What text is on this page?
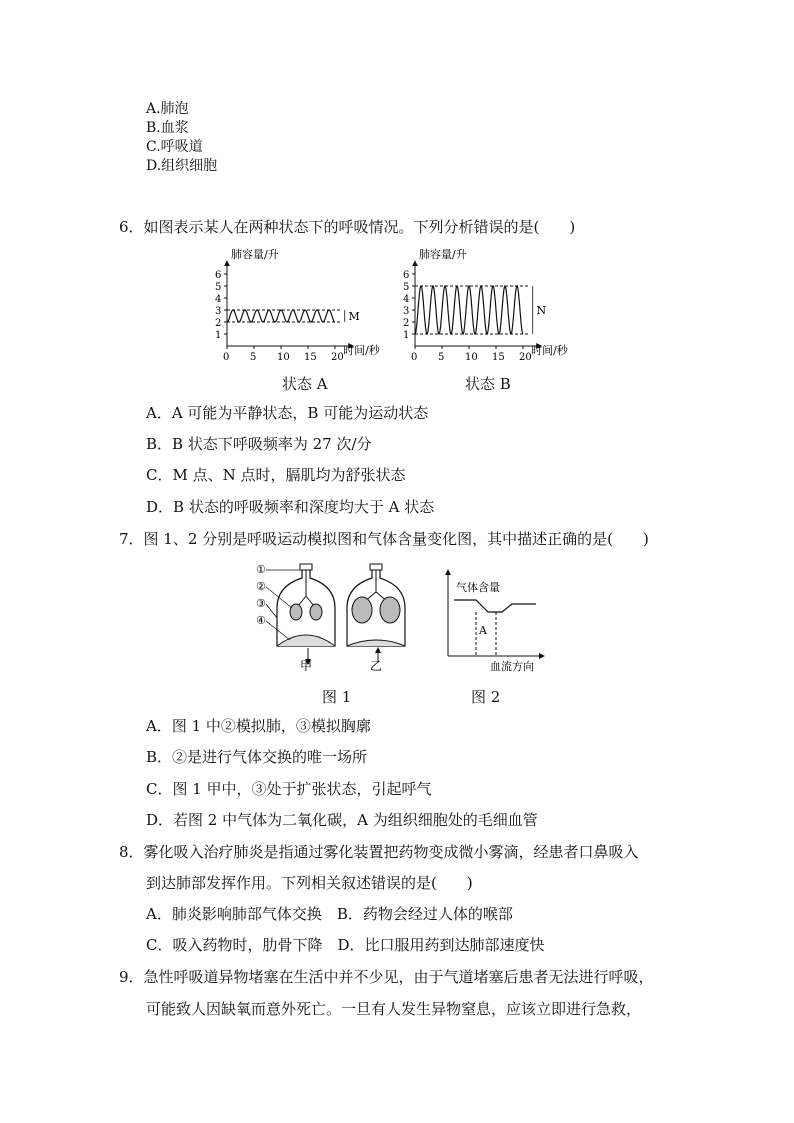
A.肺泡
B.血浆
C.呼吸道
D.组织细胞
6．如图表示某人在两种状态下的呼吸情况。下列分析错误的是(　　)
1
2
3
4
5
6
0 5 10 15 20
肺容量/升
时间/秒
M
1
2
3
4
5
6
0 5 10 15 20
肺容量/升
时间/秒
N
状态 A	状态 B
A．A 可能为平静状态，B 可能为运动状态
B．B 状态下呼吸频率为 27 次/分
C．M 点、N 点时，膈肌均为舒张状态
D．B 状态的呼吸频率和深度均大于 A 状态
7．图 1、2 分别是呼吸运动模拟图和气体含量变化图，其中描述正确的是(　　)
①
②
③
④
甲	乙
气体含量
A
血流方向
图 1	图 2
A．图 1 中②模拟肺，③模拟胸廓
B．②是进行气体交换的唯一场所
C．图 1 甲中，③处于扩张状态，引起呼气
D．若图 2 中气体为二氧化碳，A 为组织细胞处的毛细血管
8．雾化吸入治疗肺炎是指通过雾化装置把药物变成微小雾滴，经患者口鼻吸入
到达肺部发挥作用。下列相关叙述错误的是(　　)
A．肺炎影响肺部气体交换　B．药物会经过人体的喉部
C．吸入药物时，肋骨下降　D．比口服用药到达肺部速度快
9．急性呼吸道异物堵塞在生活中并不少见，由于气道堵塞后患者无法进行呼吸，
可能致人因缺氧而意外死亡。一旦有人发生异物窒息，应该立即进行急救，
